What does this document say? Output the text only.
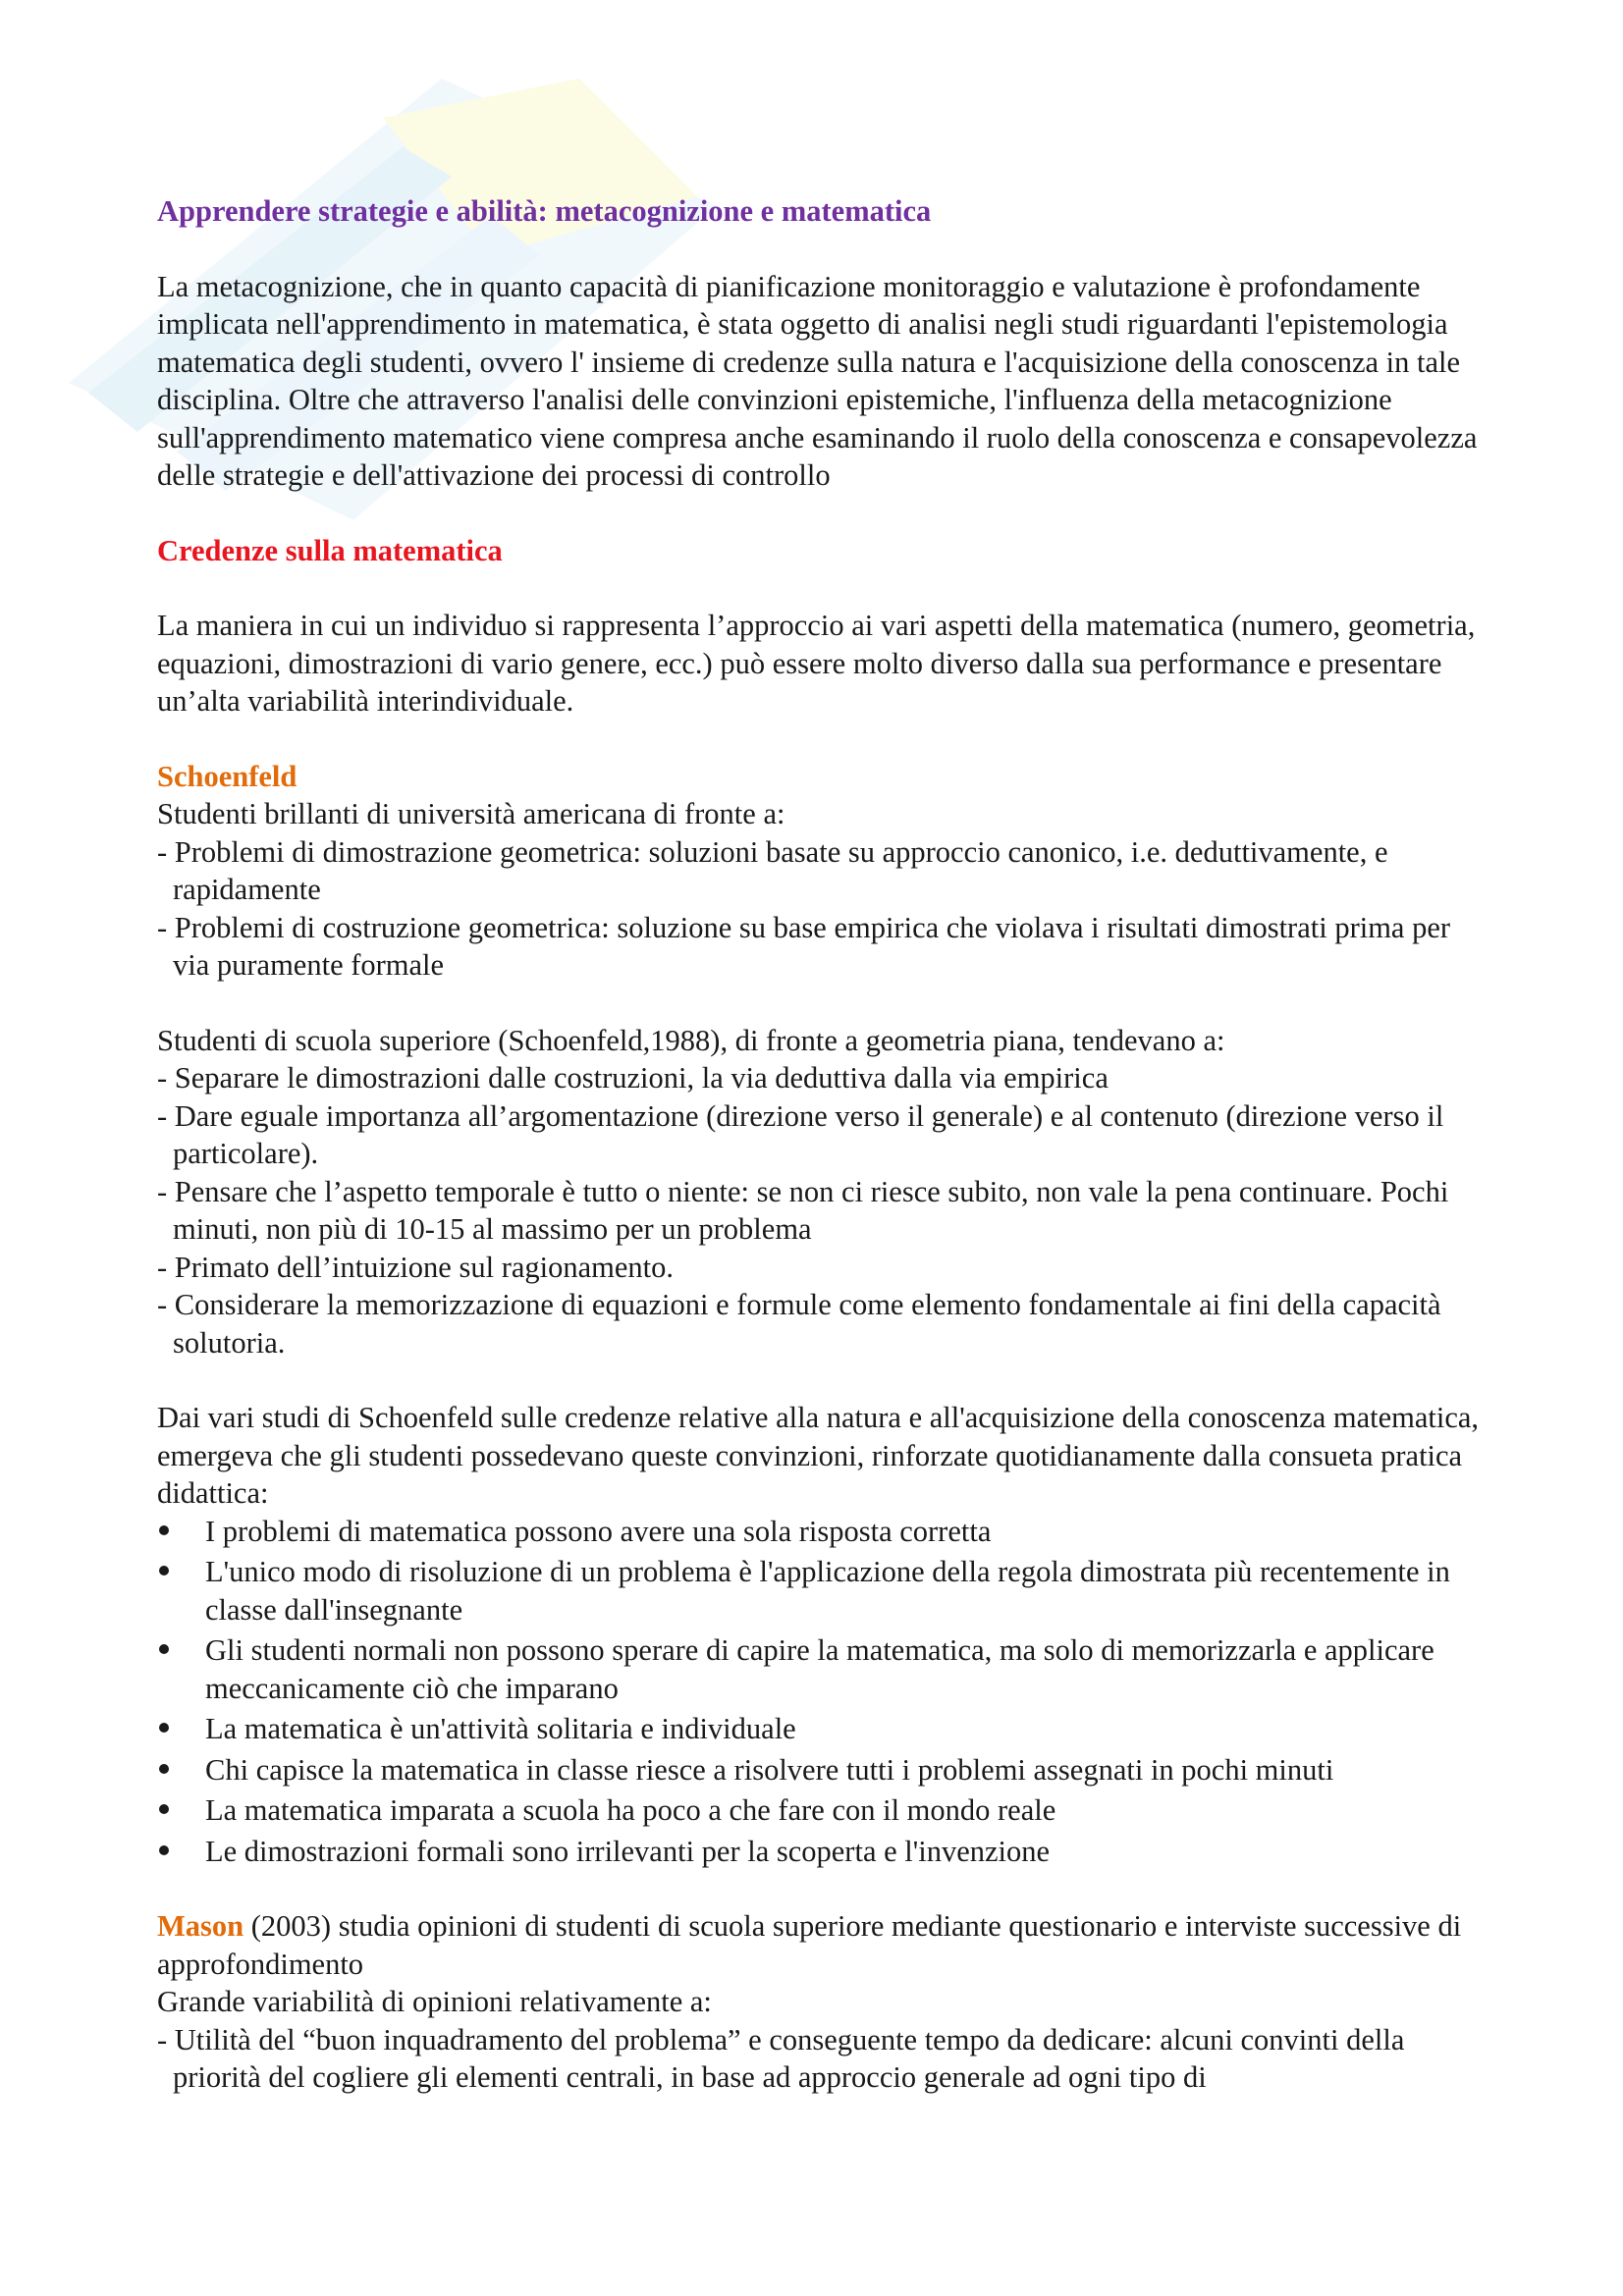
Apprendere strategie e abilità: metacognizione e matematica

La metacognizione, che in quanto capacità di pianificazione monitoraggio e valutazione è profondamente implicata nell'apprendimento in matematica, è stata oggetto di analisi negli studi riguardanti l'epistemologia matematica degli studenti, ovvero l' insieme di credenze sulla natura e l'acquisizione della conoscenza in tale disciplina. Oltre che attraverso l'analisi delle convinzioni epistemiche, l'influenza della metacognizione sull'apprendimento matematico viene compresa anche esaminando il ruolo della conoscenza e consapevolezza delle strategie e dell'attivazione dei processi di controllo

Credenze sulla matematica

La maniera in cui un individuo si rappresenta l’approccio ai vari aspetti della matematica (numero, geometria, equazioni, dimostrazioni di vario genere, ecc.) può essere molto diverso dalla sua performance e presentare un’alta variabilità interindividuale.

Schoenfeld

Studenti brillanti di università americana di fronte a:

- Problemi di dimostrazione geometrica: soluzioni basate su approccio canonico, i.e. deduttivamente, e rapidamente

- Problemi di costruzione geometrica: soluzione su base empirica che violava i risultati dimostrati prima per via puramente formale

Studenti di scuola superiore (Schoenfeld,1988), di fronte a geometria piana, tendevano a:

- Separare le dimostrazioni dalle costruzioni, la via deduttiva dalla via empirica

- Dare eguale importanza all’argomentazione (direzione verso il generale) e al contenuto (direzione verso il particolare).

- Pensare che l’aspetto temporale è tutto o niente: se non ci riesce subito, non vale la pena continuare. Pochi minuti, non più di 10-15 al massimo per un problema

- Primato dell’intuizione sul ragionamento.

- Considerare la memorizzazione di equazioni e formule come elemento fondamentale ai fini della capacità solutoria.

Dai vari studi di Schoenfeld sulle credenze relative alla natura e all'acquisizione della conoscenza matematica, emergeva che gli studenti possedevano queste convinzioni, rinforzate quotidianamente dalla consueta pratica didattica:

I problemi di matematica possono avere una sola risposta corretta
L'unico modo di risoluzione di un problema è l'applicazione della regola dimostrata più recentemente in classe dall'insegnante
Gli studenti normali non possono sperare di capire la matematica, ma solo di memorizzarla e applicare meccanicamente ciò che imparano
La matematica è un'attività solitaria e individuale
Chi capisce la matematica in classe riesce a risolvere tutti i problemi assegnati in pochi minuti
La matematica imparata a scuola ha poco a che fare con il mondo reale
Le dimostrazioni formali sono irrilevanti per la scoperta e l'invenzione

Mason (2003) studia opinioni di studenti di scuola superiore mediante questionario e interviste successive di approfondimento

Grande variabilità di opinioni relativamente a:

- Utilità del “buon inquadramento del problema” e conseguente tempo da dedicare: alcuni convinti della priorità del cogliere gli elementi centrali, in base ad approccio generale ad ogni tipo di
